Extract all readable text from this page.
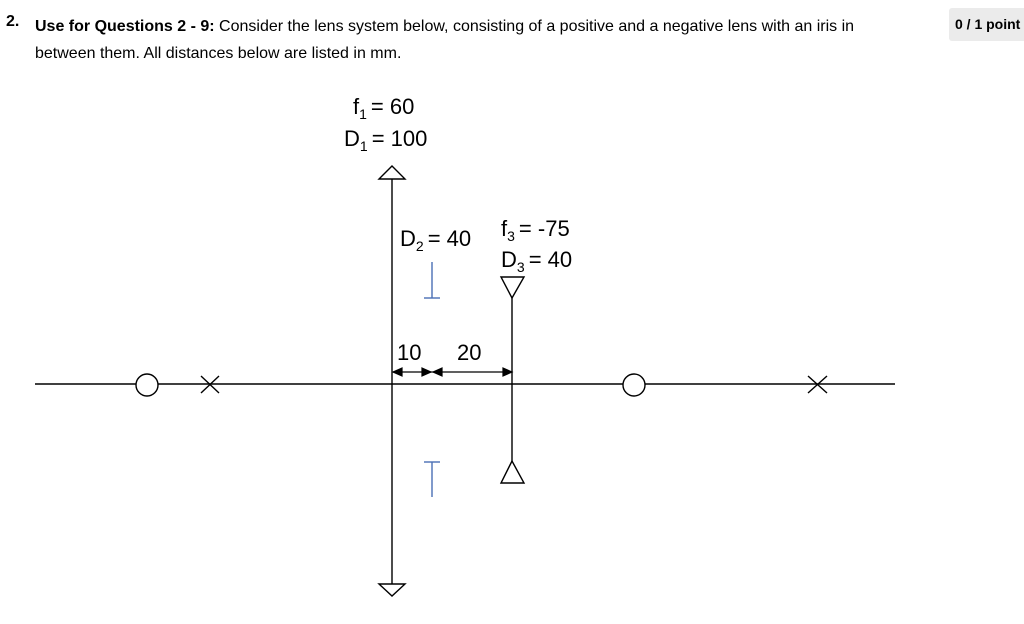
2. Use for Questions 2 - 9: Consider the lens system below, consisting of a positive and a negative lens with an iris in between them. All distances below are listed in mm.
0 / 1 point
$f_1 = 60$
$D_1 = 100$
$D_2 = 40$ $f_3 = -75$
$D_3 = 40$
10 20
